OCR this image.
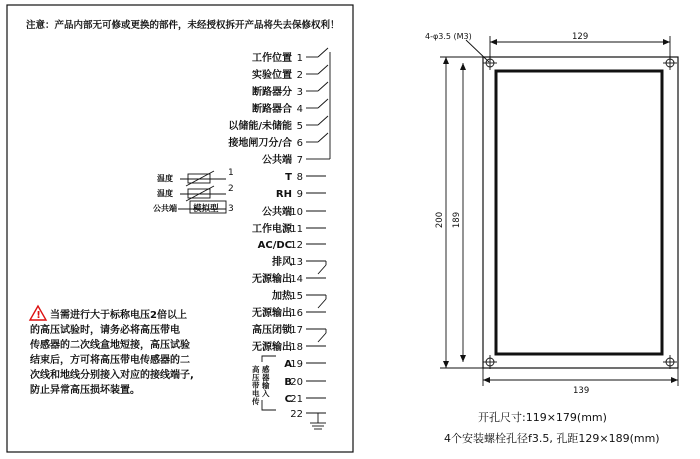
注意：产品内部无可修或更换的部件，未经授权拆开产品将失去保修权利！
工作位置 1
实验位置 2
断路器分 3
断路器合 4
以储能/未储能 5
接地闸刀分/合 6
公共端 7
T 8
RH 9
公共端
10
工作电源
11
AC/DC
12
排风
13
无源输出
14
加热
15
无源输出
16
高压闭锁
17
无源输出
18
A
19
B
20
C
21
22
温度
温度
公共端
1
2
3
模拟型
高
压
带
电
传
感
器
输
入
! 当需进行大于标称电压2倍以上
的高压试验时，请务必将高压带电
传感器的二次线盒地短接，高压试验
结束后，方可将高压带电传感器的二
次线和地线分别接入对应的接线端子,
防止异常高压损坏装置。
129
4-φ3.5 (M3)
139
200 189
开孔尺寸:119×179(mm)
4个安装螺栓孔径f3.5, 孔距129×189(mm)
